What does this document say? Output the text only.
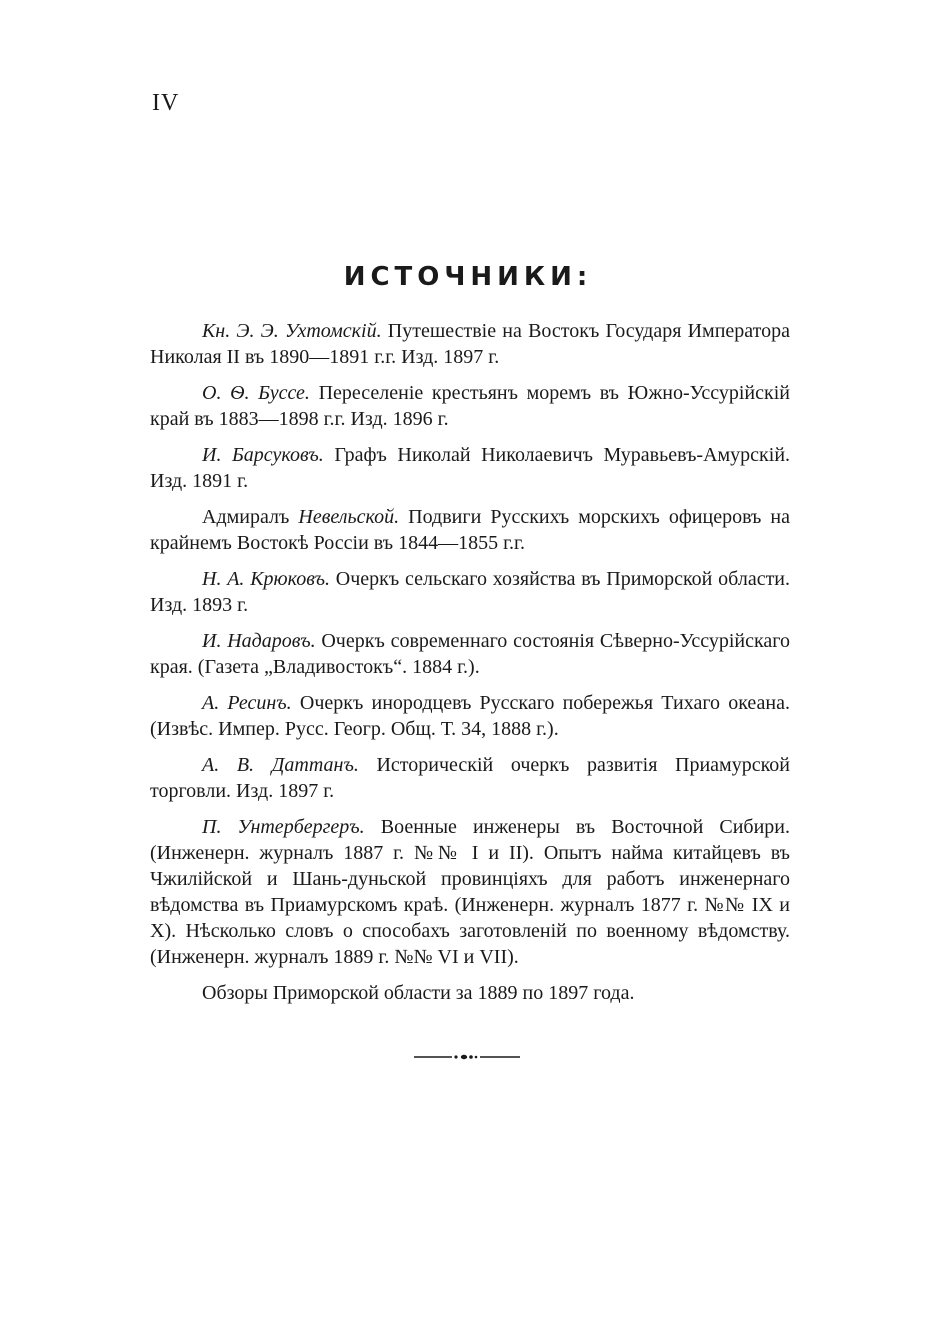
IV
ИСТОЧНИКИ:

Кн. Э. Э. Ухтомскій. Путешествіе на Востокъ Государя Императора Николая II въ 1890—1891 г.г. Изд. 1897 г.

О. Ѳ. Буссе. Переселеніе крестьянъ моремъ въ Южно-Уссурійскій край въ 1883—1898 г.г. Изд. 1896 г.

И. Барсуковъ. Графъ Николай Николаевичъ Муравьевъ-Амурскій. Изд. 1891 г.

Адмиралъ Невельской. Подвиги Русскихъ морскихъ офицеровъ на крайнемъ Востокѣ Россіи въ 1844—1855 г.г.

Н. А. Крюковъ. Очеркъ сельскаго хозяйства въ Приморской области. Изд. 1893 г.

И. Надаровъ. Очеркъ современнаго состоянія Сѣверно-Уссурійскаго края. (Газета „Владивостокъ“. 1884 г.).

А. Ресинъ. Очеркъ инородцевъ Русскаго побережья Тихаго океана. (Извѣс. Импер. Русс. Геогр. Общ. Т. 34, 1888 г.).

А. В. Даттанъ. Историческій очеркъ развитія Приамурской торговли. Изд. 1897 г.

П. Унтербергеръ. Военные инженеры въ Восточной Сибири. (Инженерн. журналъ 1887 г. №№ I и II). Опытъ найма китайцевъ въ Чжилійской и Шань-дуньской провинціяхъ для работъ инженернаго вѣдомства въ Приамурскомъ краѣ. (Инженерн. журналъ 1877 г. №№ IX и X). Нѣсколько словъ о способахъ заготовленій по военному вѣдомству. (Инженерн. журналъ 1889 г. №№ VI и VII).

Обзоры Приморской области за 1889 по 1897 года.
